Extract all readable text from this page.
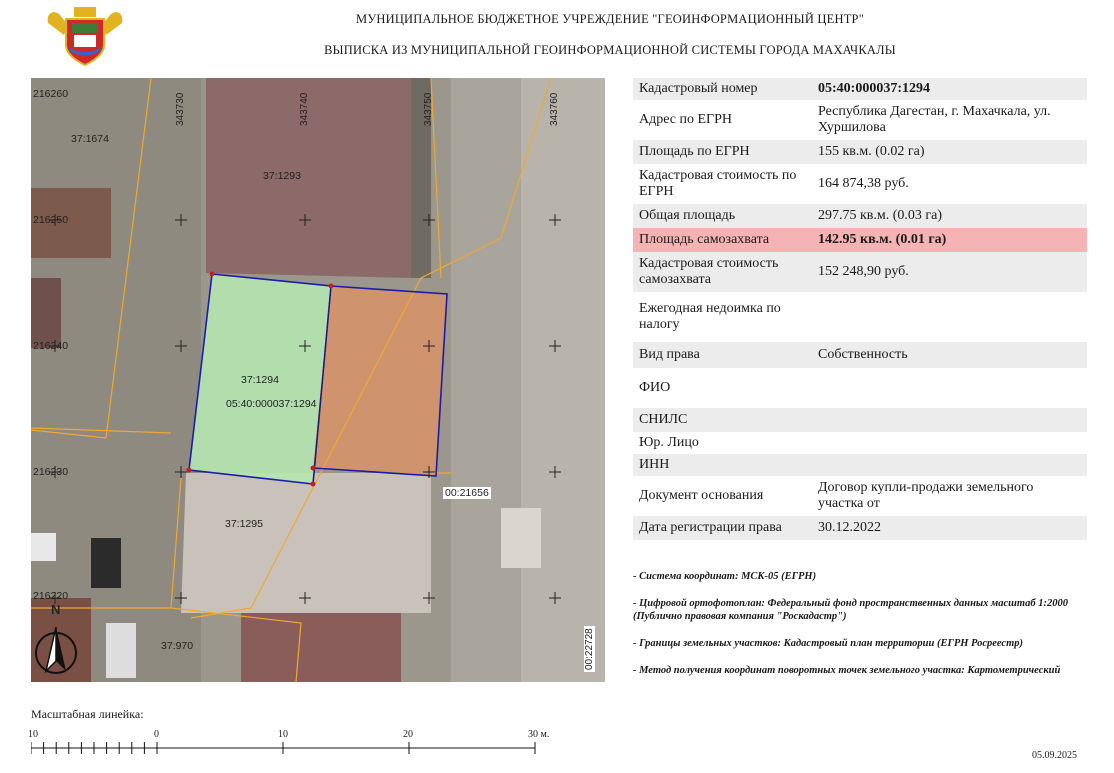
МУНИЦИПАЛЬНОЕ БЮДЖЕТНОЕ УЧРЕЖДЕНИЕ "ГЕОИНФОРМАЦИОННЫЙ ЦЕНТР"
ВЫПИСКА ИЗ МУНИЦИПАЛЬНОЙ ГЕОИНФОРМАЦИОННОЙ СИСТЕМЫ ГОРОДА МАХАЧКАЛЫ
37:1674
37:1293
37:1294
05:40:000037:1294
37:1295
37:970
00:21656
216260
216250
216240
216230
216220
343730	343740	343750	343760
00:22728
N
Кадастровый номер	05:40:000037:1294
Адрес по ЕГРН	Республика Дагестан, г. Махачкала, ул. Хуршилова
Площадь по ЕГРН	155 кв.м. (0.02 га)
Кадастровая стоимость по ЕГРН	164 874,38 руб.
Общая площадь	297.75 кв.м. (0.03 га)
Площадь самозахвата	142.95 кв.м. (0.01 га)
Кадастровая стоимость самозахвата	152 248,90 руб.
Ежегодная недоимка по налогу	
Вид права	Собственность
ФИО	
СНИЛС	
Юр. Лицо	
ИНН	
Документ основания	Договор купли-продажи земельного участка от
Дата регистрации права	30.12.2022

- Система координат: МСК-05 (ЕГРН)

- Цифровой ортофотоплан: Федеральный фонд пространственных данных масштаб 1:2000 (Публично правовая компания "Роскадастр")

- Границы земельных участков: Кадастровый план территории (ЕГРН Росреестр)

- Метод получения координат поворотных точек земельного участка: Картометрический

Масштабная линейка:
10	0	10	20	30 м.
05.09.2025
